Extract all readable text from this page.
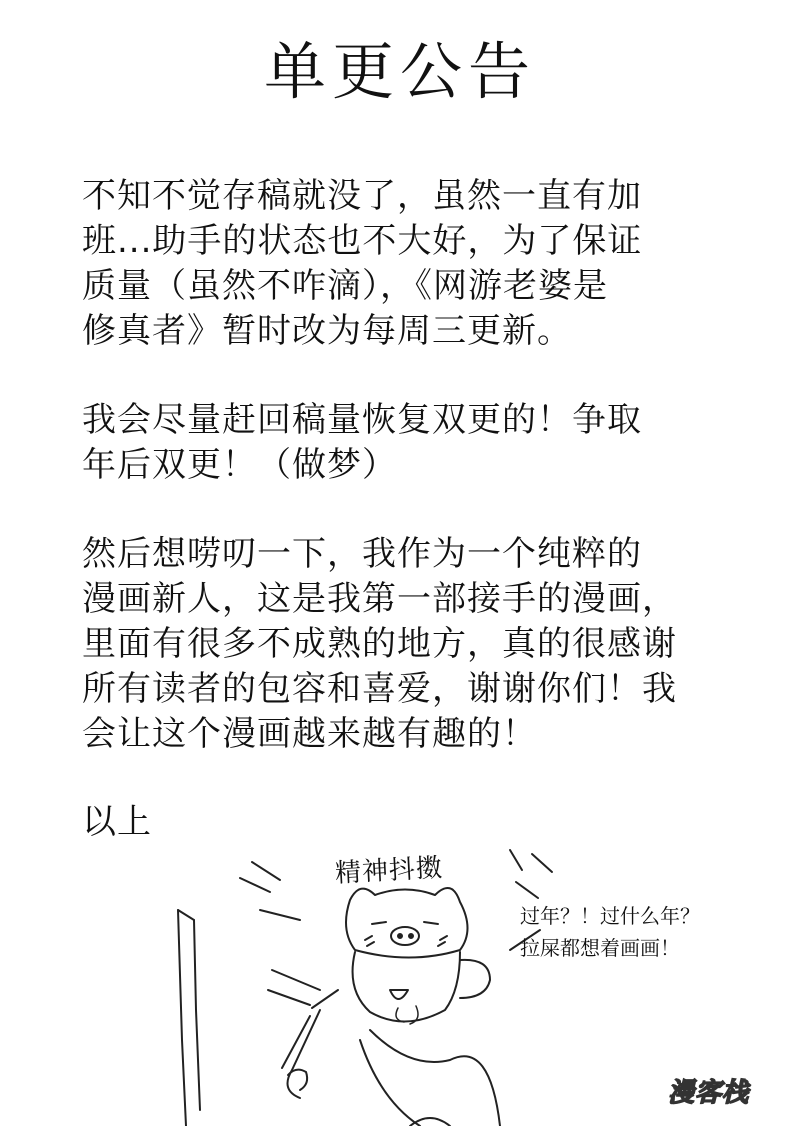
单更公告
不知不觉存稿就没了，虽然一直有加
班...助手的状态也不大好，为了保证
质量（虽然不咋滴），《网游老婆是
修真者》暂时改为每周三更新。
我会尽量赶回稿量恢复双更的！争取
年后双更！（做梦）
然后想唠叨一下，我作为一个纯粹的
漫画新人，这是我第一部接手的漫画，
里面有很多不成熟的地方，真的很感谢
所有读者的包容和喜爱，谢谢你们！我
会让这个漫画越来越有趣的！
以上
精神抖擞
过年？！过什么年？
拉屎都想着画画！
漫客栈
